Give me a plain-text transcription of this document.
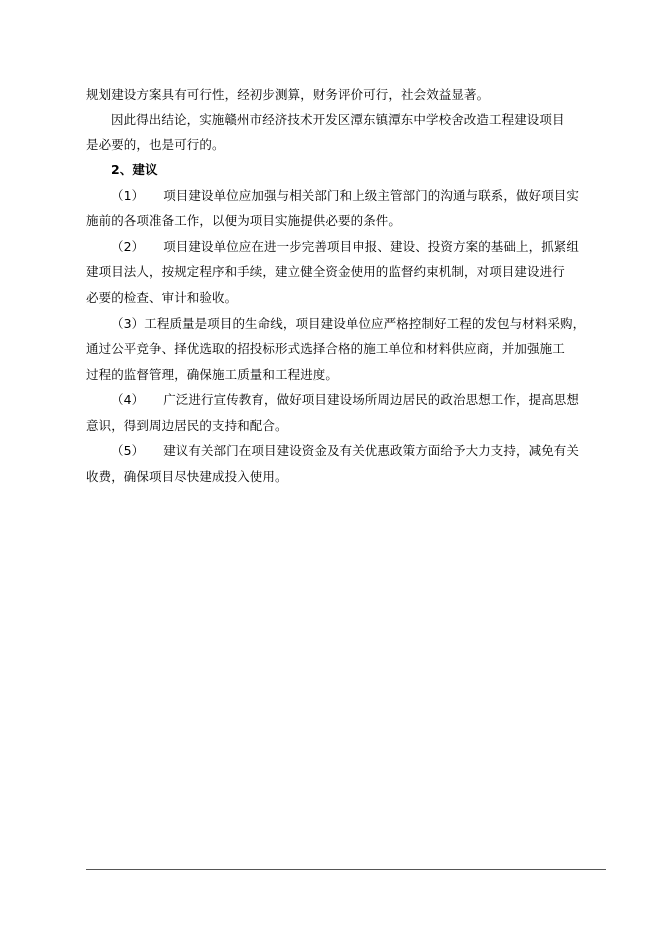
规划建设方案具有可行性，经初步测算，财务评价可行，社会效益显著。
因此得出结论，实施赣州市经济技术开发区潭东镇潭东中学校舍改造工程建设项目
是必要的，也是可行的。
2、建议
（1）　　项目建设单位应加强与相关部门和上级主管部门的沟通与联系，做好项目实
施前的各项准备工作，以便为项目实施提供必要的条件。
（2）　　项目建设单位应在进一步完善项目申报、建设、投资方案的基础上，抓紧组
建项目法人，按规定程序和手续，建立健全资金使用的监督约束机制，对项目建设进行
必要的检查、审计和验收。
（3）工程质量是项目的生命线，项目建设单位应严格控制好工程的发包与材料采购，
通过公平竞争、择优选取的招投标形式选择合格的施工单位和材料供应商，并加强施工
过程的监督管理，确保施工质量和工程进度。
（4）　　广泛进行宣传教育，做好项目建设场所周边居民的政治思想工作，提高思想
意识，得到周边居民的支持和配合。
（5）　　建议有关部门在项目建设资金及有关优惠政策方面给予大力支持，减免有关
收费，确保项目尽快建成投入使用。
